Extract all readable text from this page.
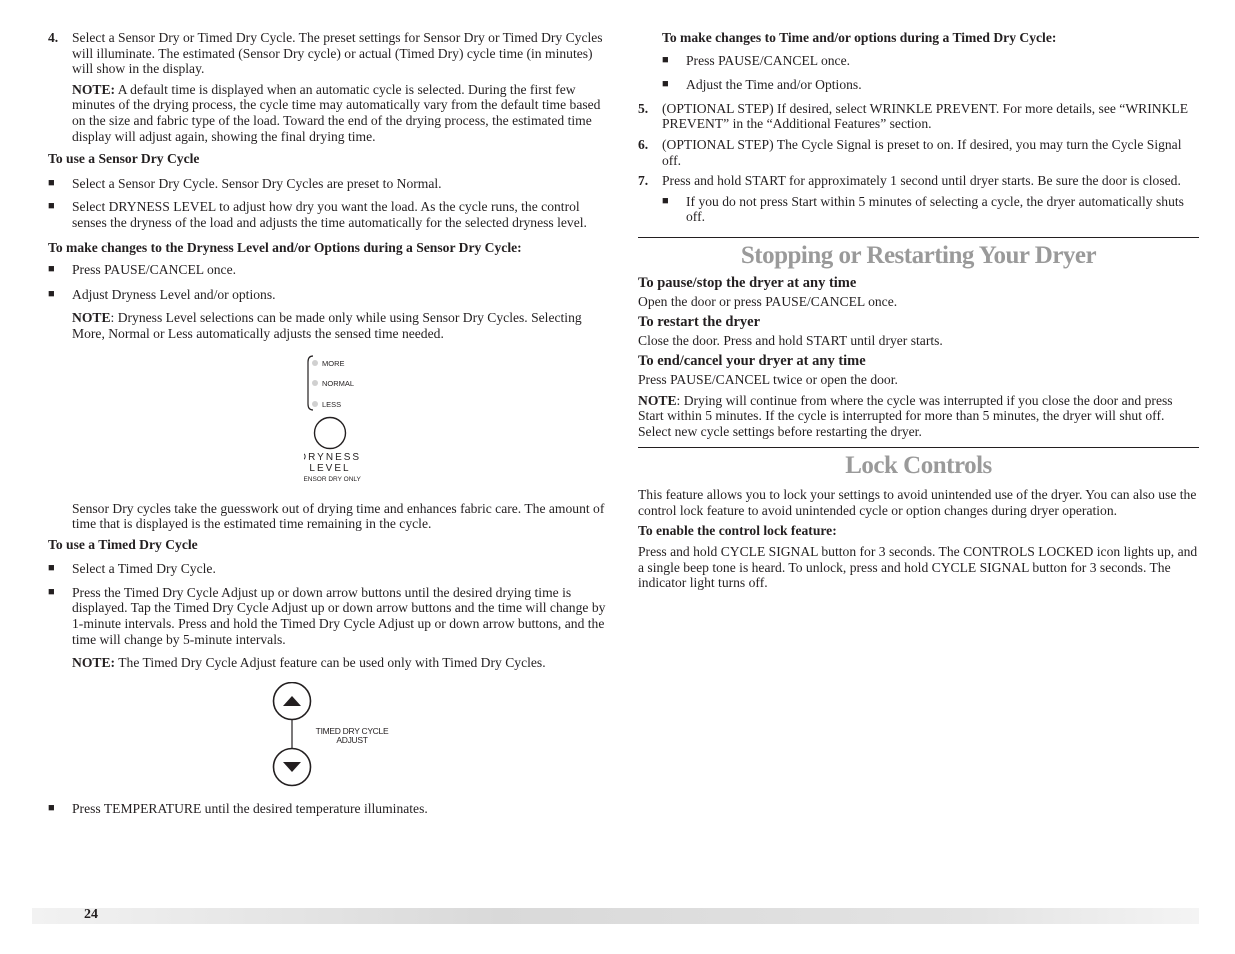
4. Select a Sensor Dry or Timed Dry Cycle. The preset settings for Sensor Dry or Timed Dry Cycles will illuminate. The estimated (Sensor Dry cycle) or actual (Timed Dry) cycle time (in minutes) will show in the display.

NOTE: A default time is displayed when an automatic cycle is selected. During the first few minutes of the drying process, the cycle time may automatically vary from the default time based on the size and fabric type of the load. Toward the end of the drying process, the estimated time display will adjust again, showing the final drying time.

To use a Sensor Dry Cycle

■ Select a Sensor Dry Cycle. Sensor Dry Cycles are preset to Normal.

■ Select DRYNESS LEVEL to adjust how dry you want the load. As the cycle runs, the control senses the dryness of the load and adjusts the time automatically for the selected dryness level.

To make changes to the Dryness Level and/or Options during a Sensor Dry Cycle:

■ Press PAUSE/CANCEL once.

■ Adjust Dryness Level and/or options.

NOTE: Dryness Level selections can be made only while using Sensor Dry Cycles. Selecting More, Normal or Less automatically adjusts the sensed time needed.

MORE
NORMAL
LESS
DRYNESS
LEVEL
SENSOR DRY ONLY

Sensor Dry cycles take the guesswork out of drying time and enhances fabric care. The amount of time that is displayed is the estimated time remaining in the cycle.

To use a Timed Dry Cycle

■ Select a Timed Dry Cycle.

■ Press the Timed Dry Cycle Adjust up or down arrow buttons until the desired drying time is displayed. Tap the Timed Dry Cycle Adjust up or down arrow buttons and the time will change by 1-minute intervals. Press and hold the Timed Dry Cycle Adjust up or down arrow buttons, and the time will change by 5-minute intervals.

NOTE: The Timed Dry Cycle Adjust feature can be used only with Timed Dry Cycles.

TIMED DRY CYCLE
ADJUST

■ Press TEMPERATURE until the desired temperature illuminates.

To make changes to Time and/or options during a Timed Dry Cycle:

■ Press PAUSE/CANCEL once.

■ Adjust the Time and/or Options.

5. (OPTIONAL STEP) If desired, select WRINKLE PREVENT. For more details, see “WRINKLE PREVENT” in the “Additional Features” section.

6. (OPTIONAL STEP) The Cycle Signal is preset to on. If desired, you may turn the Cycle Signal off.

7. Press and hold START for approximately 1 second until dryer starts. Be sure the door is closed.

■ If you do not press Start within 5 minutes of selecting a cycle, the dryer automatically shuts off.

Stopping or Restarting Your Dryer

To pause/stop the dryer at any time

Open the door or press PAUSE/CANCEL once.

To restart the dryer

Close the door. Press and hold START until dryer starts.

To end/cancel your dryer at any time

Press PAUSE/CANCEL twice or open the door.

NOTE: Drying will continue from where the cycle was interrupted if you close the door and press Start within 5 minutes. If the cycle is interrupted for more than 5 minutes, the dryer will shut off. Select new cycle settings before restarting the dryer.

Lock Controls

This feature allows you to lock your settings to avoid unintended use of the dryer. You can also use the control lock feature to avoid unintended cycle or option changes during dryer operation.

To enable the control lock feature:

Press and hold CYCLE SIGNAL button for 3 seconds. The CONTROLS LOCKED icon lights up, and a single beep tone is heard. To unlock, press and hold CYCLE SIGNAL button for 3 seconds. The indicator light turns off.

24
